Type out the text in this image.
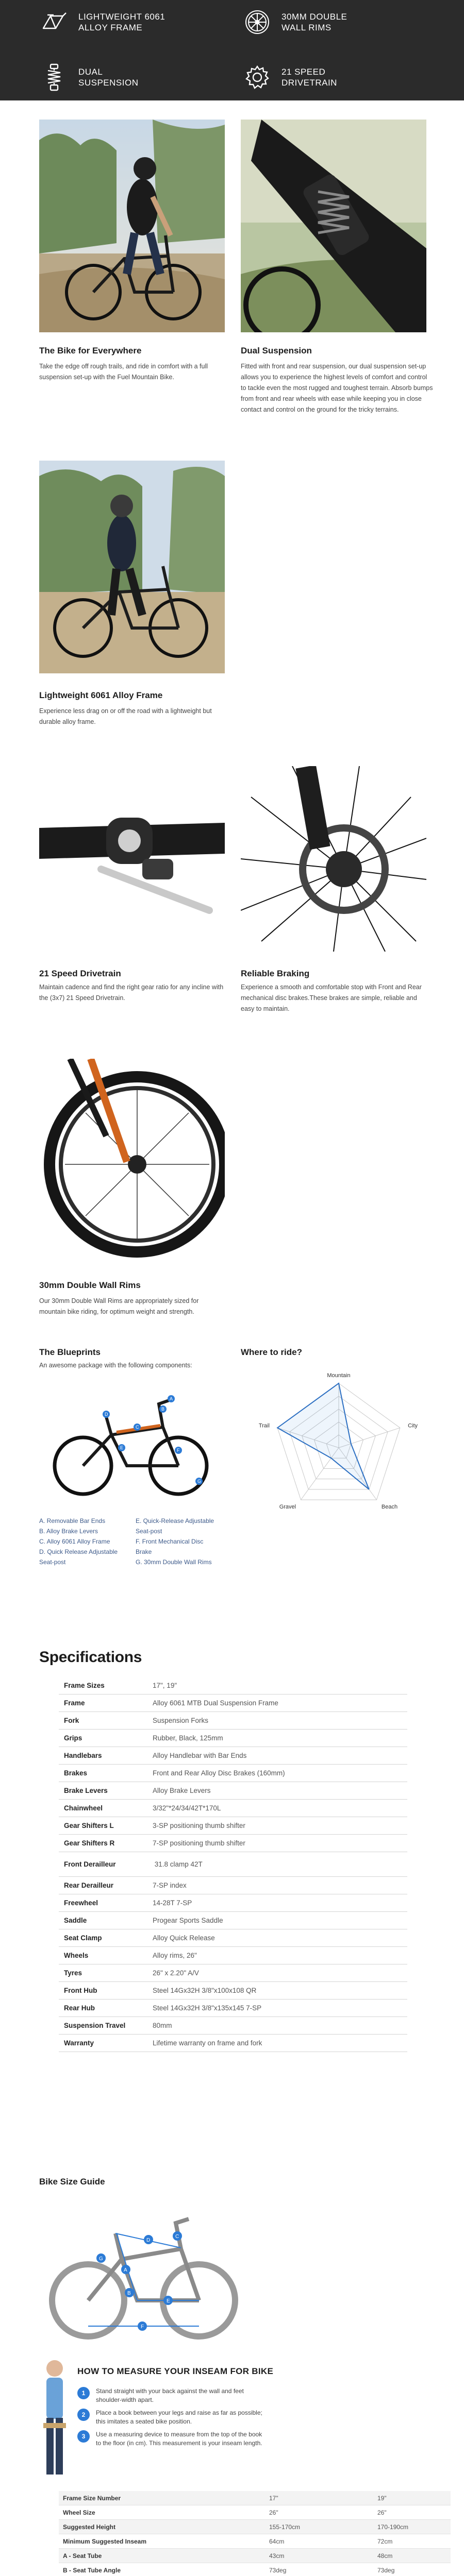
LIGHTWEIGHT 6061
ALLOY FRAME
30MM DOUBLE
WALL RIMS
DUAL
SUSPENSION
21 SPEED
DRIVETRAIN
The Bike for Everywhere
Take the edge off rough trails, and ride in comfort with a full suspension set-up with the Fuel Mountain Bike.
Dual Suspension
Fitted with front and rear suspension, our dual suspension set-up allows you to experience the highest levels of comfort and control to tackle even the most rugged and toughest terrain. Absorb bumps from front and rear wheels with ease while keeping you in close contact and control on the ground for the tricky terrains.
Lightweight 6061 Alloy Frame
Experience less drag on or off the road with a lightweight but durable alloy frame.
21 Speed Drivetrain
Maintain cadence and find the right gear ratio for any incline with the (3x7) 21 Speed Drivetrain.
Reliable Braking
Experience a smooth and comfortable stop with Front and Rear mechanical disc brakes.These brakes are simple, reliable and easy to maintain.
30mm Double Wall Rims
Our 30mm Double Wall Rims are appropriately sized for mountain bike riding, for optimum weight and strength.
The Blueprints
An awesome package with the following components:
A
B
C
D
E	F
G
A. Removable Bar Ends
B. Alloy Brake Levers
C. Alloy 6061 Alloy Frame
D. Quick Release Adjustable
Seat-post
E. Quick-Release Adjustable
Seat-post
F. Front Mechanical Disc
Brake
G. 30mm Double Wall Rims
Where to ride?
Mountain
City
Beach
Gravel
Trail
Specifications
Frame Sizes	17", 19"
Frame	Alloy 6061 MTB Dual Suspension Frame
Fork	Suspension Forks
Grips	Rubber, Black, 125mm
Handlebars	Alloy Handlebar with Bar Ends
Brakes	Front and Rear Alloy Disc Brakes (160mm)
Brake Levers	Alloy Brake Levers
Chainwheel	3/32"*24/34/42T*170L
Gear Shifters L	3-SP positioning thumb shifter
Gear Shifters R	7-SP positioning thumb shifter
Front Derailleur	31.8 clamp 42T
Rear Derailleur	7-SP index
Freewheel	14-28T 7-SP
Saddle	Progear Sports Saddle
Seat Clamp	Alloy Quick Release
Wheels	Alloy rims, 26"
Tyres	26" x 2.20" A/V
Front Hub	Steel 14Gx32H 3/8"x100x108 QR
Rear Hub	Steel 14Gx32H 3/8"x135x145 7-SP
Suspension Travel	80mm
Warranty	Lifetime warranty on frame and fork
Bike Size Guide
A
B
C
D
E
F
G
HOW TO MEASURE YOUR INSEAM FOR BIKE
1	Stand straight with your back against the wall and feet shoulder-width apart.
2	Place a book between your legs and raise as far as possible; this imitates a seated bike position.
3	Use a measuring device to measure from the top of the book to the floor (in cm). This measurement is your inseam length.
Frame Size Number	17"	19"
Wheel Size	26"	26"
Suggested Height	155-170cm	170-190cm
Minimum Suggested Inseam	64cm	72cm
A - Seat Tube	43cm	48cm
B - Seat Tube Angle	73deg	73deg
